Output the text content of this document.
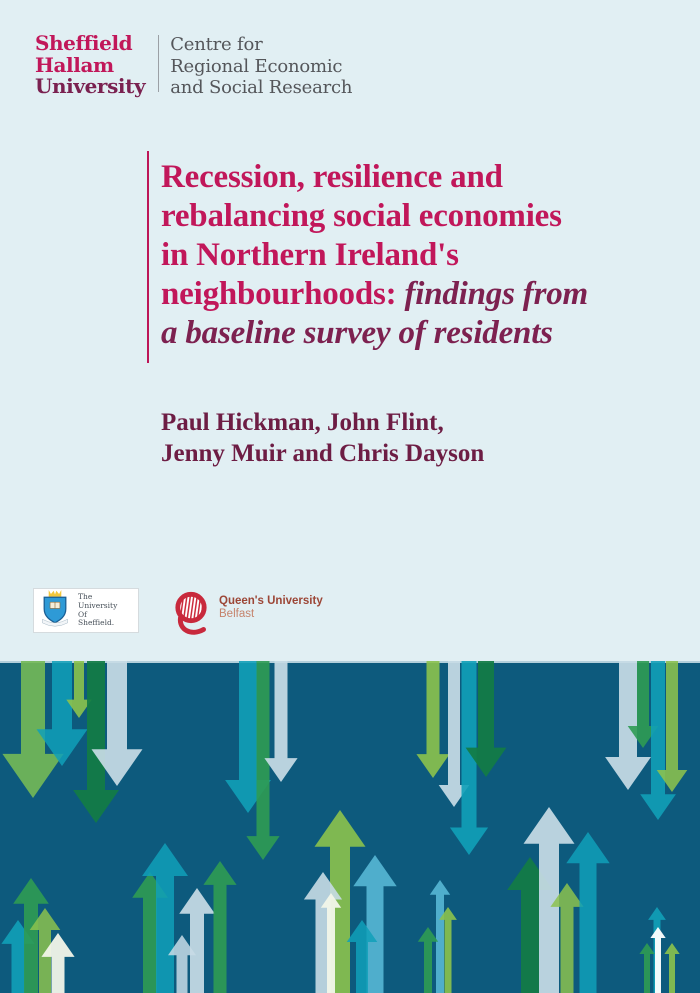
Sheffield
Hallam
University
Centre for
Regional Economic
and Social Research
Recession, resilience and
rebalancing social economies
in Northern Ireland's
neighbourhoods: findings from
a baseline survey of residents
Paul Hickman, John Flint,
Jenny Muir and Chris Dayson
The
University
Of
Sheffield.
Queen's University
Belfast
